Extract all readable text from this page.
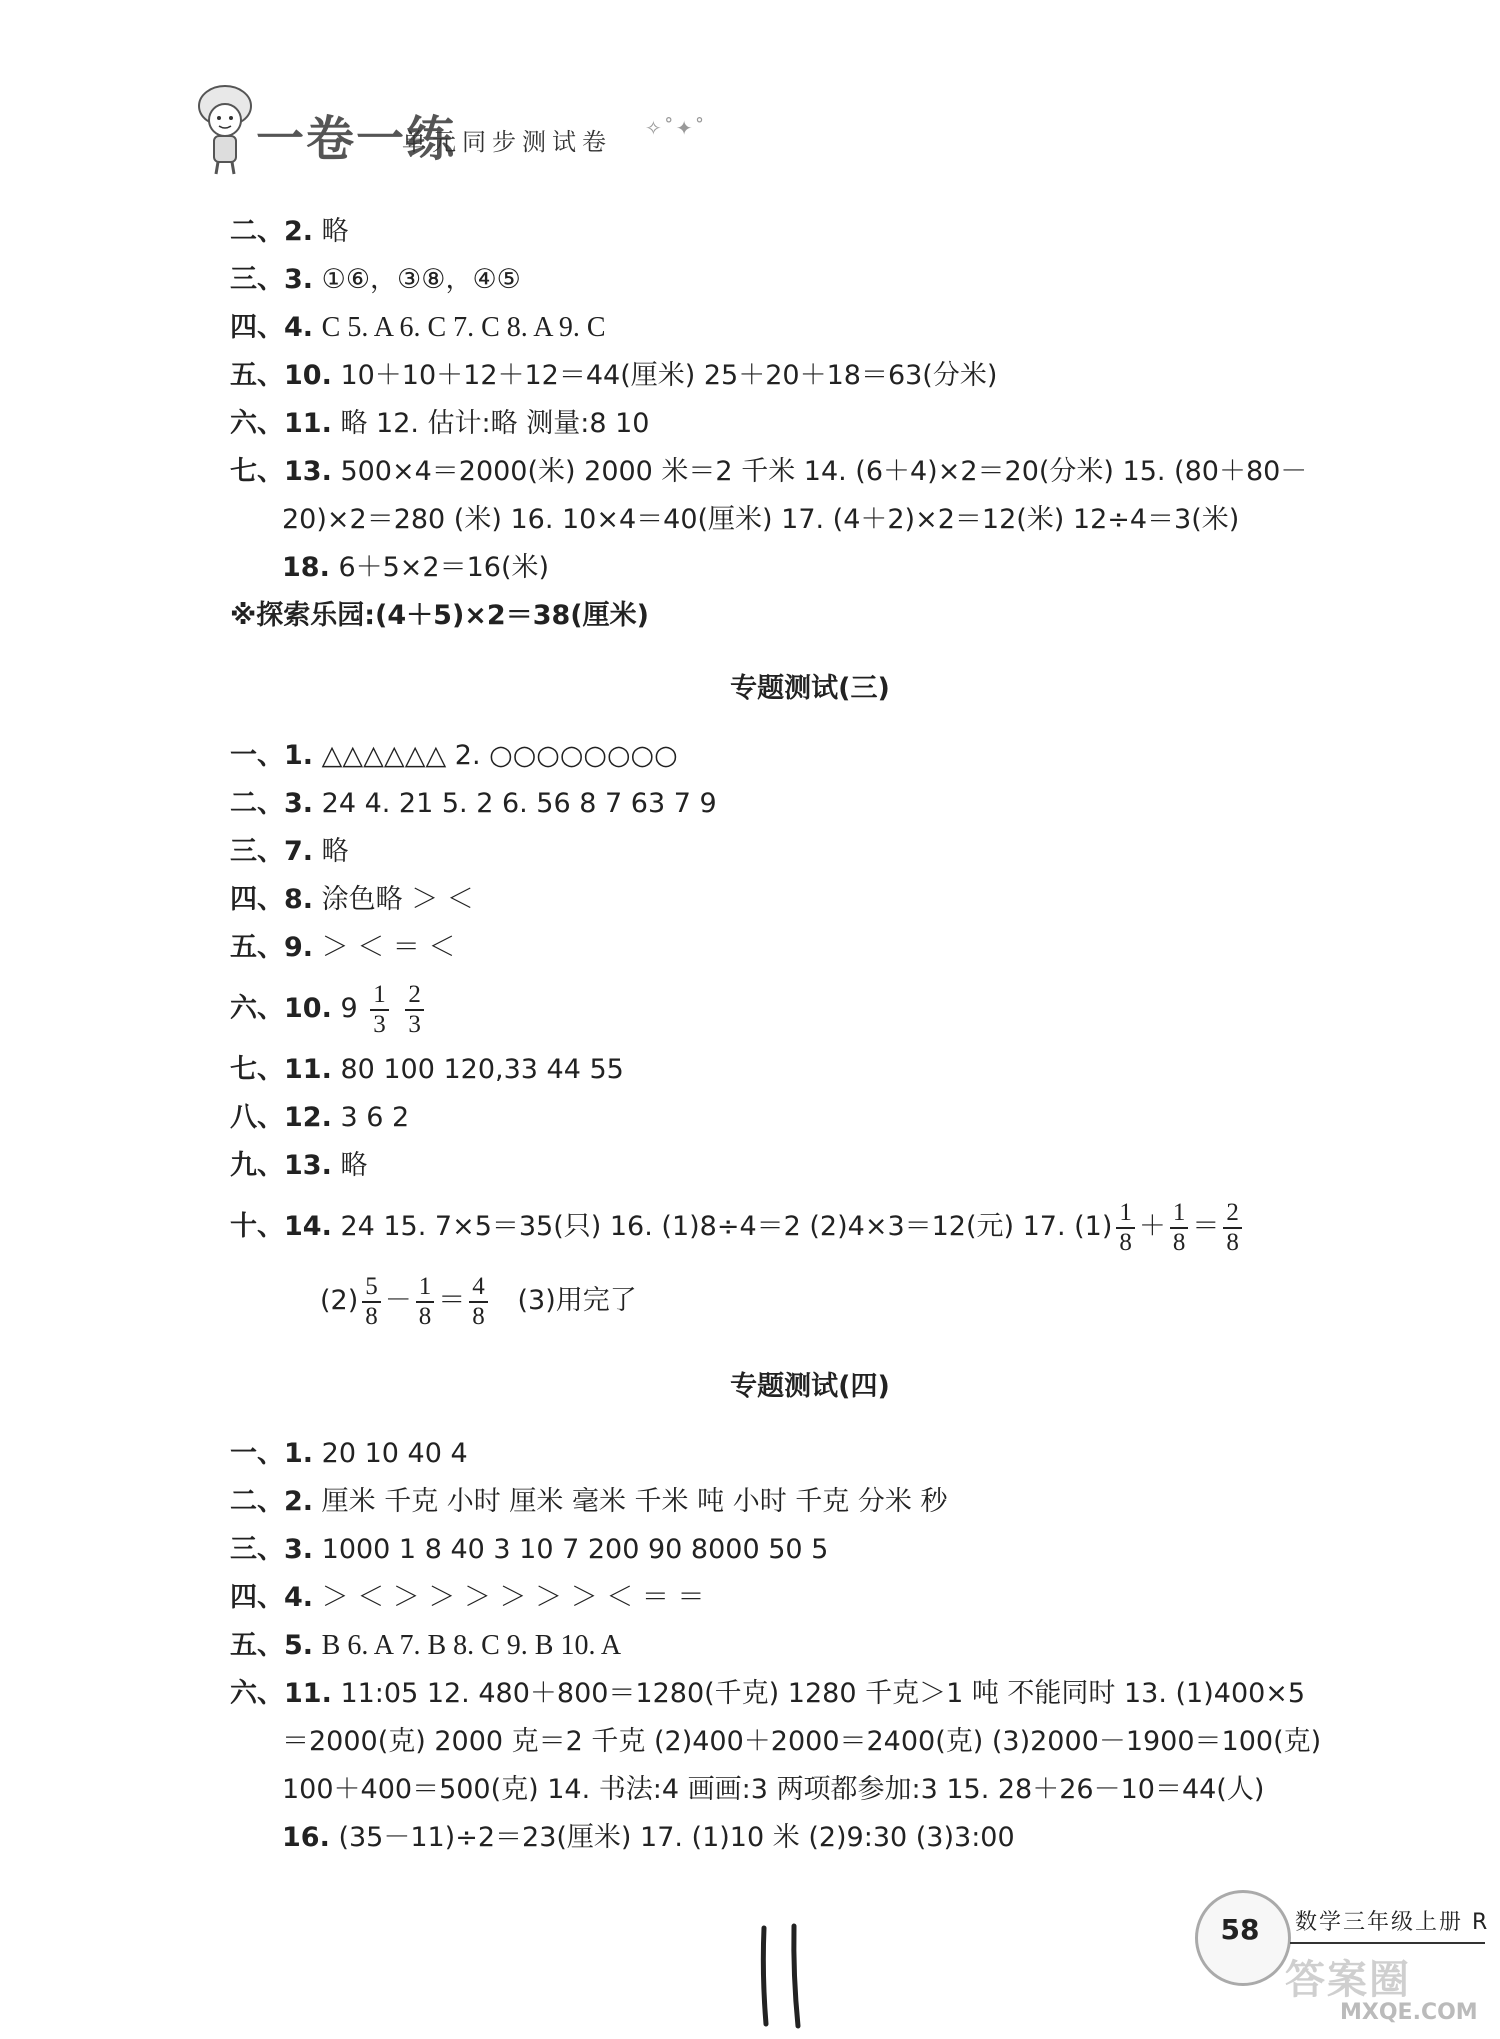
一卷一练
单元同步测试卷 ✧˚✦˚
二、2. 略
三、3. ①⑥，③⑧，④⑤
四、4. C 5. A 6. C 7. C 8. A 9. C
五、10. 10＋10＋12＋12＝44(厘米) 25＋20＋18＝63(分米)
六、11. 略 12. 估计:略 测量:8 10
七、13. 500×4＝2000(米) 2000 米＝2 千米 14. (6＋4)×2＝20(分米) 15. (80＋80－
20)×2＝280 (米) 16. 10×4＝40(厘米) 17. (4＋2)×2＝12(米) 12÷4＝3(米)
18. 6＋5×2＝16(米)
※探索乐园:(4＋5)×2＝38(厘米)
专题测试(三)
一、1. △△△△△△ 2. ○○○○○○○○
二、3. 24 4. 21 5. 2 6. 56 8 7 63 7 9
三、7. 略
四、8. 涂色略 ＞ ＜
五、9. ＞ ＜ ＝ ＜
六、10. $9 \frac{1}{3}$
$\frac{2}{3}$
七、11. 80 100 120,33 44 55
八、12. 3 6 2
九、13. 略
十、14. 24 15. 7×5＝35(只) 16. (1)8÷4＝2 (2)4×3＝12(元) 17. $(1) \frac{1}{8} + \frac{1}{8} = \frac{2}{8}$
$(2) \frac{5}{8} - \frac{1}{8} = \frac{4}{8} (3)$用完了
专题测试(四)
一、1. 20 10 40 4
二、2. 厘米 千克 小时 厘米 毫米 千米 吨 小时 千克 分米 秒
三、3. 1000 1 8 40 3 10 7 200 90 8000 50 5
四、4. ＞ ＜ ＞ ＞ ＞ ＞ ＞ ＞ ＜ ＝ ＝
五、5. B 6. A 7. B 8. C 9. B 10. A
六、11. 11:05 12. 480＋800＝1280(千克) 1280 千克＞1 吨 不能同时 13. (1)400×5
＝2000(克) 2000 克＝2 千克 (2)400＋2000＝2400(克) (3)2000－1900＝100(克)
100＋400＝500(克) 14. 书法:4 画画:3 两项都参加:3 15. 28＋26－10＝44(人)
16. (35－11)÷2＝23(厘米) 17. (1)10 米 (2)9:30 (3)3:00
58	数学三年级上册 R
答案圈
MXQE.COM
